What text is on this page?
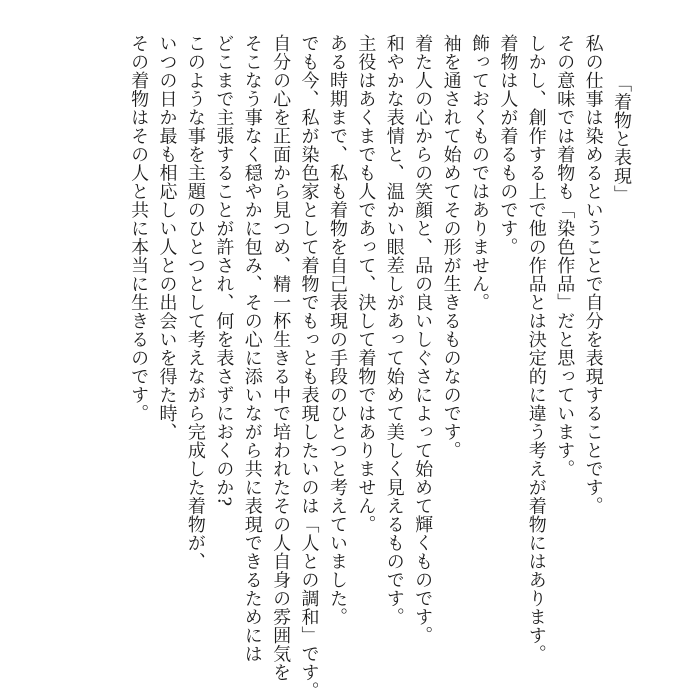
「着物と表現」
私の仕事は染めるということで自分を表現することです。
その意味では着物も「染色作品」だと思っています。
しかし、創作する上で他の作品とは決定的に違う考えが着物にはあります。
着物は人が着るものです。
飾っておくものではありません。
袖を通されて始めてその形が生きるものなのです。
着た人の心からの笑顔と、品の良いしぐさによって始めて輝くものです。
和やかな表情と、温かい眼差しがあって始めて美しく見えるものです。
主役はあくまでも人であって、決して着物ではありません。
ある時期まで、私も着物を自己表現の手段のひとつと考えていました。
でも今、私が染色家として着物でもっとも表現したいのは「人との調和」です。
自分の心を正面から見つめ、精一杯生きる中で培われたその人自身の雰囲気を
そこなう事なく穏やかに包み、その心に添いながら共に表現できるためには
どこまで主張することが許され、何を表さずにおくのか?
このような事を主題のひとつとして考えながら完成した着物が、
いつの日か最も相応しい人との出会いを得た時、
その着物はその人と共に本当に生きるのです。
